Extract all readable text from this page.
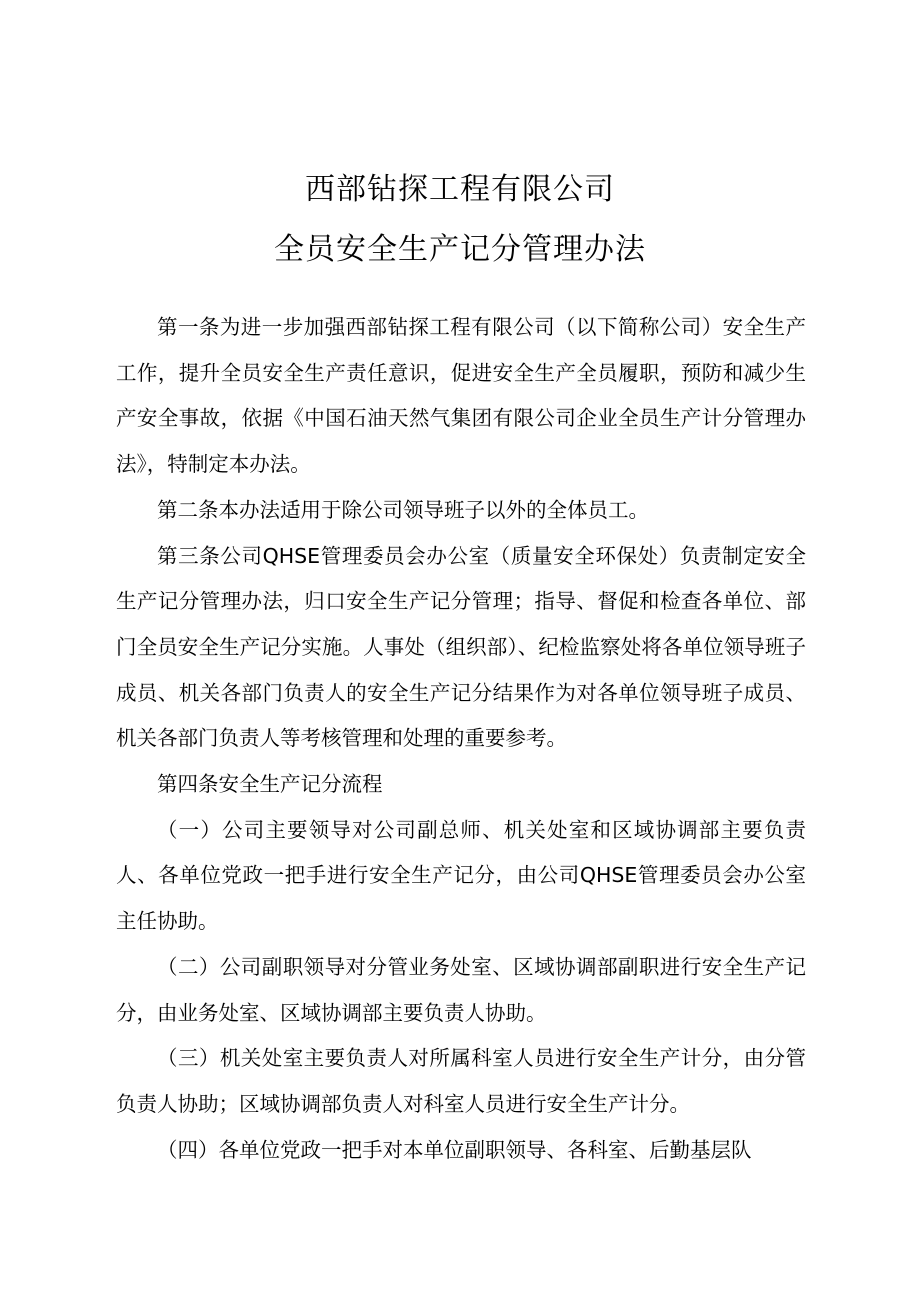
西部钻探工程有限公司
全员安全生产记分管理办法

第一条为进一步加强西部钻探工程有限公司（以下简称公司）安全生产工作，提升全员安全生产责任意识，促进安全生产全员履职，预防和减少生产安全事故，依据《中国石油天然气集团有限公司企业全员生产计分管理办法》，特制定本办法。

第二条本办法适用于除公司领导班子以外的全体员工。

第三条公司QHSE管理委员会办公室（质量安全环保处）负责制定安全生产记分管理办法，归口安全生产记分管理；指导、督促和检查各单位、部门全员安全生产记分实施。人事处（组织部）、纪检监察处将各单位领导班子成员、机关各部门负责人的安全生产记分结果作为对各单位领导班子成员、机关各部门负责人等考核管理和处理的重要参考。

第四条安全生产记分流程

（一）公司主要领导对公司副总师、机关处室和区域协调部主要负责人、各单位党政一把手进行安全生产记分，由公司QHSE管理委员会办公室主任协助。

（二）公司副职领导对分管业务处室、区域协调部副职进行安全生产记分，由业务处室、区域协调部主要负责人协助。

（三）机关处室主要负责人对所属科室人员进行安全生产计分，由分管负责人协助；区域协调部负责人对科室人员进行安全生产计分。

（四）各单位党政一把手对本单位副职领导、各科室、后勤基层队
